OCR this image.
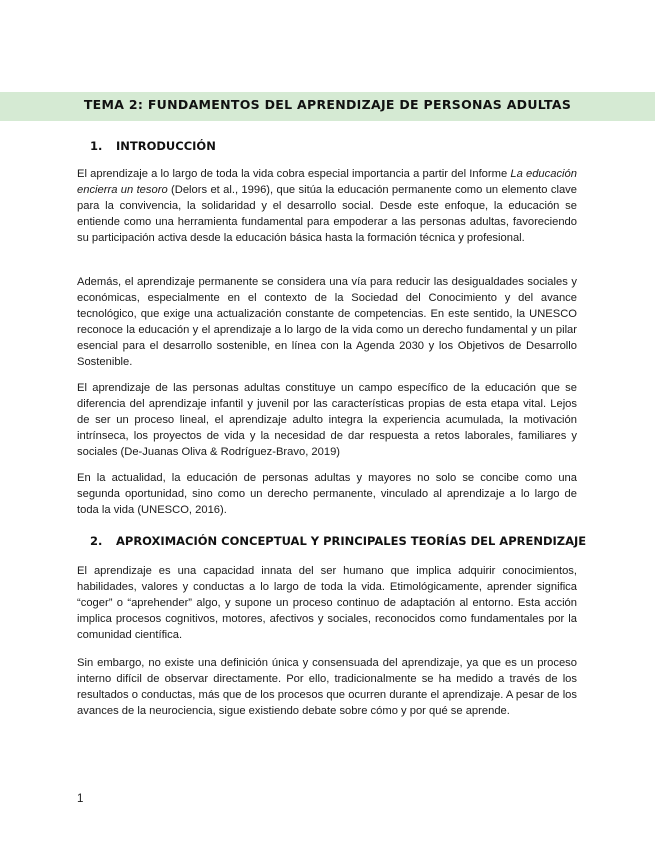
TEMA 2: FUNDAMENTOS DEL APRENDIZAJE DE PERSONAS ADULTAS
1. INTRODUCCIÓN

El aprendizaje a lo largo de toda la vida cobra especial importancia a partir del Informe La educación encierra un tesoro (Delors et al., 1996), que sitúa la educación permanente como un elemento clave para la convivencia, la solidaridad y el desarrollo social. Desde este enfoque, la educación se entiende como una herramienta fundamental para empoderar a las personas adultas, favoreciendo su participación activa desde la educación básica hasta la formación técnica y profesional.

Además, el aprendizaje permanente se considera una vía para reducir las desigualdades sociales y económicas, especialmente en el contexto de la Sociedad del Conocimiento y del avance tecnológico, que exige una actualización constante de competencias. En este sentido, la UNESCO reconoce la educación y el aprendizaje a lo largo de la vida como un derecho fundamental y un pilar esencial para el desarrollo sostenible, en línea con la Agenda 2030 y los Objetivos de Desarrollo Sostenible.

El aprendizaje de las personas adultas constituye un campo específico de la educación que se diferencia del aprendizaje infantil y juvenil por las características propias de esta etapa vital. Lejos de ser un proceso lineal, el aprendizaje adulto integra la experiencia acumulada, la motivación intrínseca, los proyectos de vida y la necesidad de dar respuesta a retos laborales, familiares y sociales (De-Juanas Oliva & Rodríguez-Bravo, 2019)

En la actualidad, la educación de personas adultas y mayores no solo se concibe como una segunda oportunidad, sino como un derecho permanente, vinculado al aprendizaje a lo largo de toda la vida (UNESCO, 2016).

2. APROXIMACIÓN CONCEPTUAL Y PRINCIPALES TEORÍAS DEL APRENDIZAJE

El aprendizaje es una capacidad innata del ser humano que implica adquirir conocimientos, habilidades, valores y conductas a lo largo de toda la vida. Etimológicamente, aprender significa “coger” o “aprehender” algo, y supone un proceso continuo de adaptación al entorno. Esta acción implica procesos cognitivos, motores, afectivos y sociales, reconocidos como fundamentales por la comunidad científica.

Sin embargo, no existe una definición única y consensuada del aprendizaje, ya que es un proceso interno difícil de observar directamente. Por ello, tradicionalmente se ha medido a través de los resultados o conductas, más que de los procesos que ocurren durante el aprendizaje. A pesar de los avances de la neurociencia, sigue existiendo debate sobre cómo y por qué se aprende.

1
